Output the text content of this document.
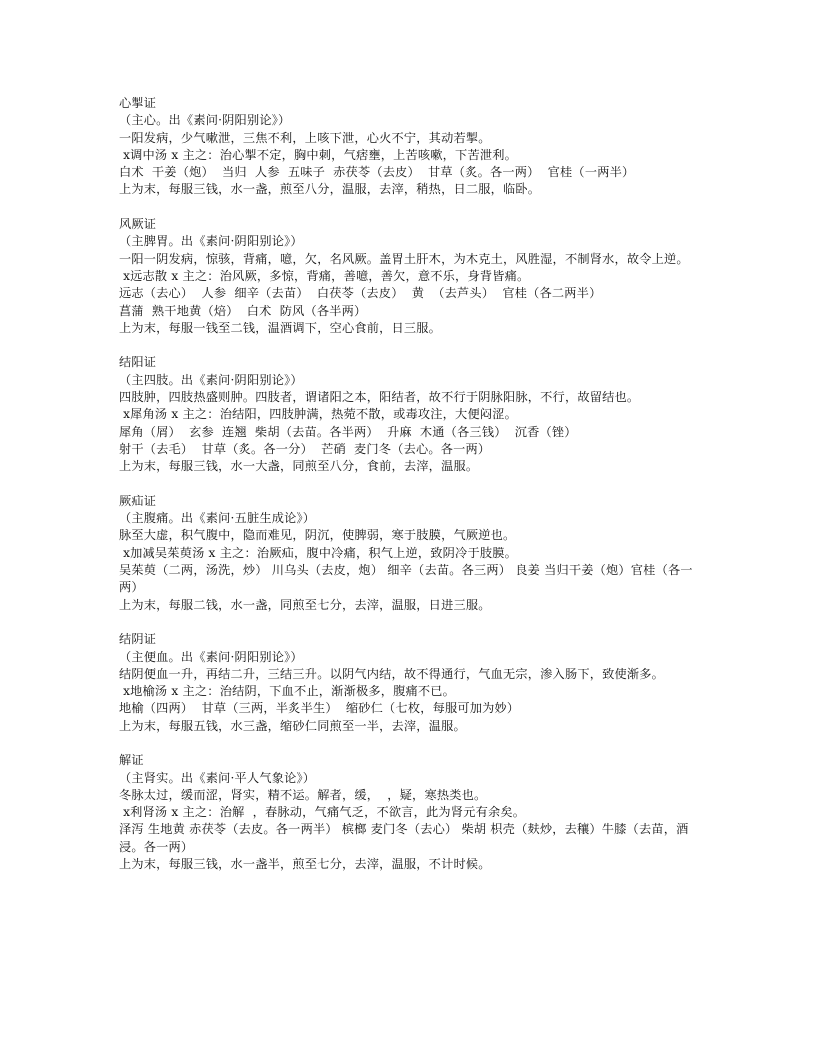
心掣证
（主心。出《素问·阴阳别论》）
一阳发病，少气嗽泄，三焦不利，上咳下泄，心火不宁，其动若掣。
x调中汤 x 主之：治心掣不定，胸中刺，气痞壅，上苦咳嗽，下苦泄利。
白术  干姜（炮）  当归  人参  五味子  赤茯苓（去皮）  甘草（炙。各一两）  官桂（一两半）
上为末，每服三钱，水一盏，煎至八分，温服，去滓，稍热，日二服，临卧。
风厥证
（主脾胃。出《素问·阴阳别论》）
一阳一阴发病，惊骇，背痛，噫，欠，名风厥。盖胃土肝木，为木克土，风胜湿，不制肾水，故令上逆。
x远志散 x 主之：治风厥，多惊，背痛，善噫，善欠，意不乐，身背皆痛。
远志（去心）  人参  细辛（去苗）  白茯苓（去皮）  黄  （去芦头）  官桂（各二两半）
菖蒲  熟干地黄（焙）  白术  防风（各半两）
上为末，每服一钱至二钱，温酒调下，空心食前，日三服。
结阳证
（主四肢。出《素问·阴阳别论》）
四肢肿，四肢热盛则肿。四肢者，谓诸阳之本，阳结者，故不行于阴脉阳脉，不行，故留结也。
x犀角汤 x 主之：治结阳，四肢肿满，热菀不散，或毒攻注，大便闷涩。
犀角（屑）  玄参  连翘  柴胡（去苗。各半两）  升麻  木通（各三钱）  沉香（锉）
射干（去毛）  甘草（炙。各一分）  芒硝  麦门冬（去心。各一两）
上为末，每服三钱，水一大盏，同煎至八分，食前，去滓，温服。
厥疝证
（主腹痛。出《素问·五脏生成论》）
脉至大虚，积气腹中，隐而难见，阴沉，使脾弱，寒于肢膜，气厥逆也。
x加减吴茱萸汤 x 主之：治厥疝，腹中冷痛，积气上逆，致阴冷于肢膜。
吴茱萸（二两，汤洗，炒） 川乌头（去皮，炮） 细辛（去苗。各三两） 良姜 当归干姜（炮）官桂（各一两）
上为末，每服二钱，水一盏，同煎至七分，去滓，温服，日进三服。
结阴证
（主便血。出《素问·阴阳别论》）
结阴便血一升，再结二升，三结三升。以阴气内结，故不得通行，气血无宗，渗入肠下，致使渐多。
x地榆汤 x 主之：治结阴，下血不止，渐渐极多，腹痛不已。
地榆（四两）  甘草（三两，半炙半生）  缩砂仁（七枚，每服可加为妙）
上为末，每服五钱，水三盏，缩砂仁同煎至一半，去滓，温服。
解证
（主肾实。出《素问·平人气象论》）
冬脉太过，缓而涩，肾实，精不运。解者，缓，  ，疑，寒热类也。
x利肾汤 x 主之：治解  ，春脉动，气痛气乏，不欲言，此为肾元有余矣。
泽泻 生地黄 赤茯苓（去皮。各一两半） 槟榔 麦门冬（去心） 柴胡 枳壳（麸炒，去穰）牛膝（去苗，酒浸。各一两）
上为末，每服三钱，水一盏半，煎至七分，去滓，温服，不计时候。
